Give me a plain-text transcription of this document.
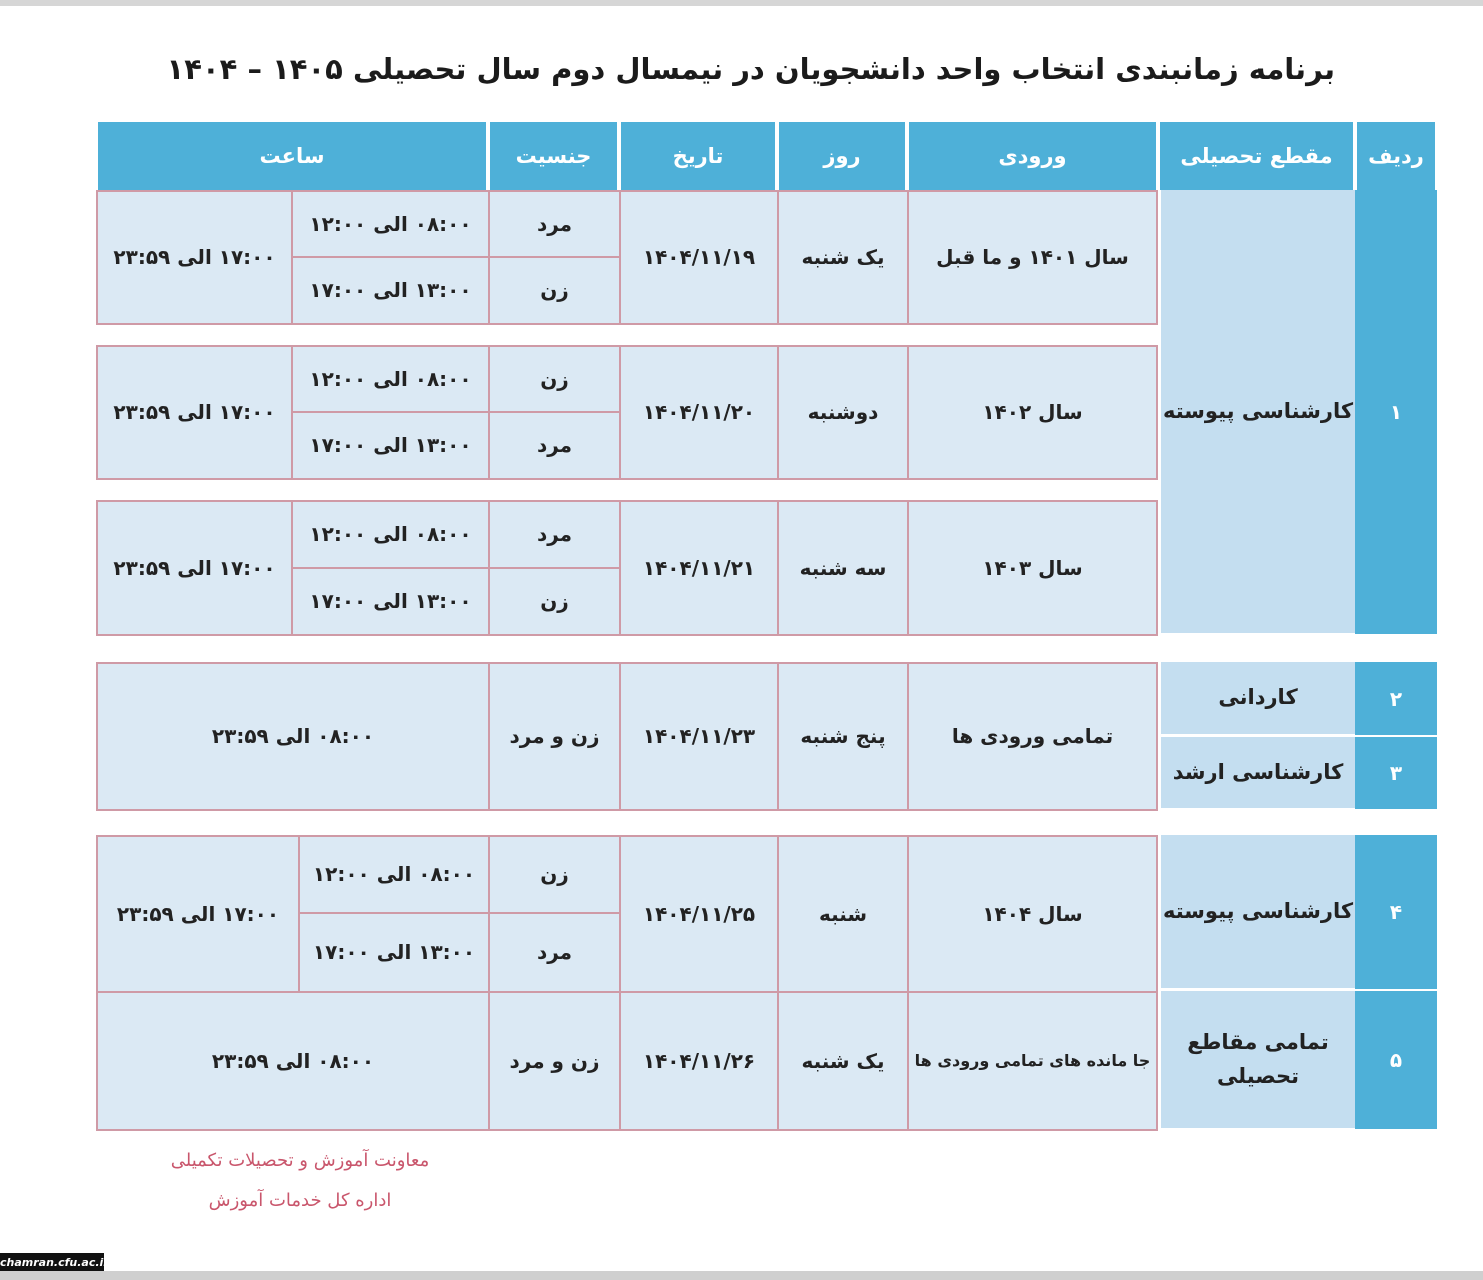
برنامه زمانبندی انتخاب واحد دانشجویان در نیمسال دوم سال تحصیلی ۱۴۰۵ – ۱۴۰۴
ردیف
مقطع تحصیلی
ورودی
روز
تاریخ
جنسیت
ساعت
۱
کارشناسی پیوسته
۲
کاردانی
۳
کارشناسی ارشد
۴
کارشناسی پیوسته
۵
تمامی مقاطع تحصیلی
سال ۱۴۰۱ و ما قبل
یک شنبه
۱۴۰۴/۱۱/۱۹
مرد
زن
۰۸:۰۰ الی ۱۲:۰۰
۱۳:۰۰ الی ۱۷:۰۰
۱۷:۰۰ الی ۲۳:۵۹
سال ۱۴۰۲
دوشنبه
۱۴۰۴/۱۱/۲۰
زن
مرد
۰۸:۰۰ الی ۱۲:۰۰
۱۳:۰۰ الی ۱۷:۰۰
۱۷:۰۰ الی ۲۳:۵۹
سال ۱۴۰۳
سه شنبه
۱۴۰۴/۱۱/۲۱
مرد
زن
۰۸:۰۰ الی ۱۲:۰۰
۱۳:۰۰ الی ۱۷:۰۰
۱۷:۰۰ الی ۲۳:۵۹
تمامی ورودی ها
پنج شنبه
۱۴۰۴/۱۱/۲۳
زن و مرد
۰۸:۰۰ الی ۲۳:۵۹
سال ۱۴۰۴
شنبه
۱۴۰۴/۱۱/۲۵
زن
مرد
۰۸:۰۰ الی ۱۲:۰۰
۱۳:۰۰ الی ۱۷:۰۰
۱۷:۰۰ الی ۲۳:۵۹
جا مانده های تمامی ورودی ها
یک شنبه
۱۴۰۴/۱۱/۲۶
زن و مرد
۰۸:۰۰ الی ۲۳:۵۹
معاونت آموزش و تحصیلات تکمیلی
اداره کل خدمات آموزش
chamran.cfu.ac.ir
